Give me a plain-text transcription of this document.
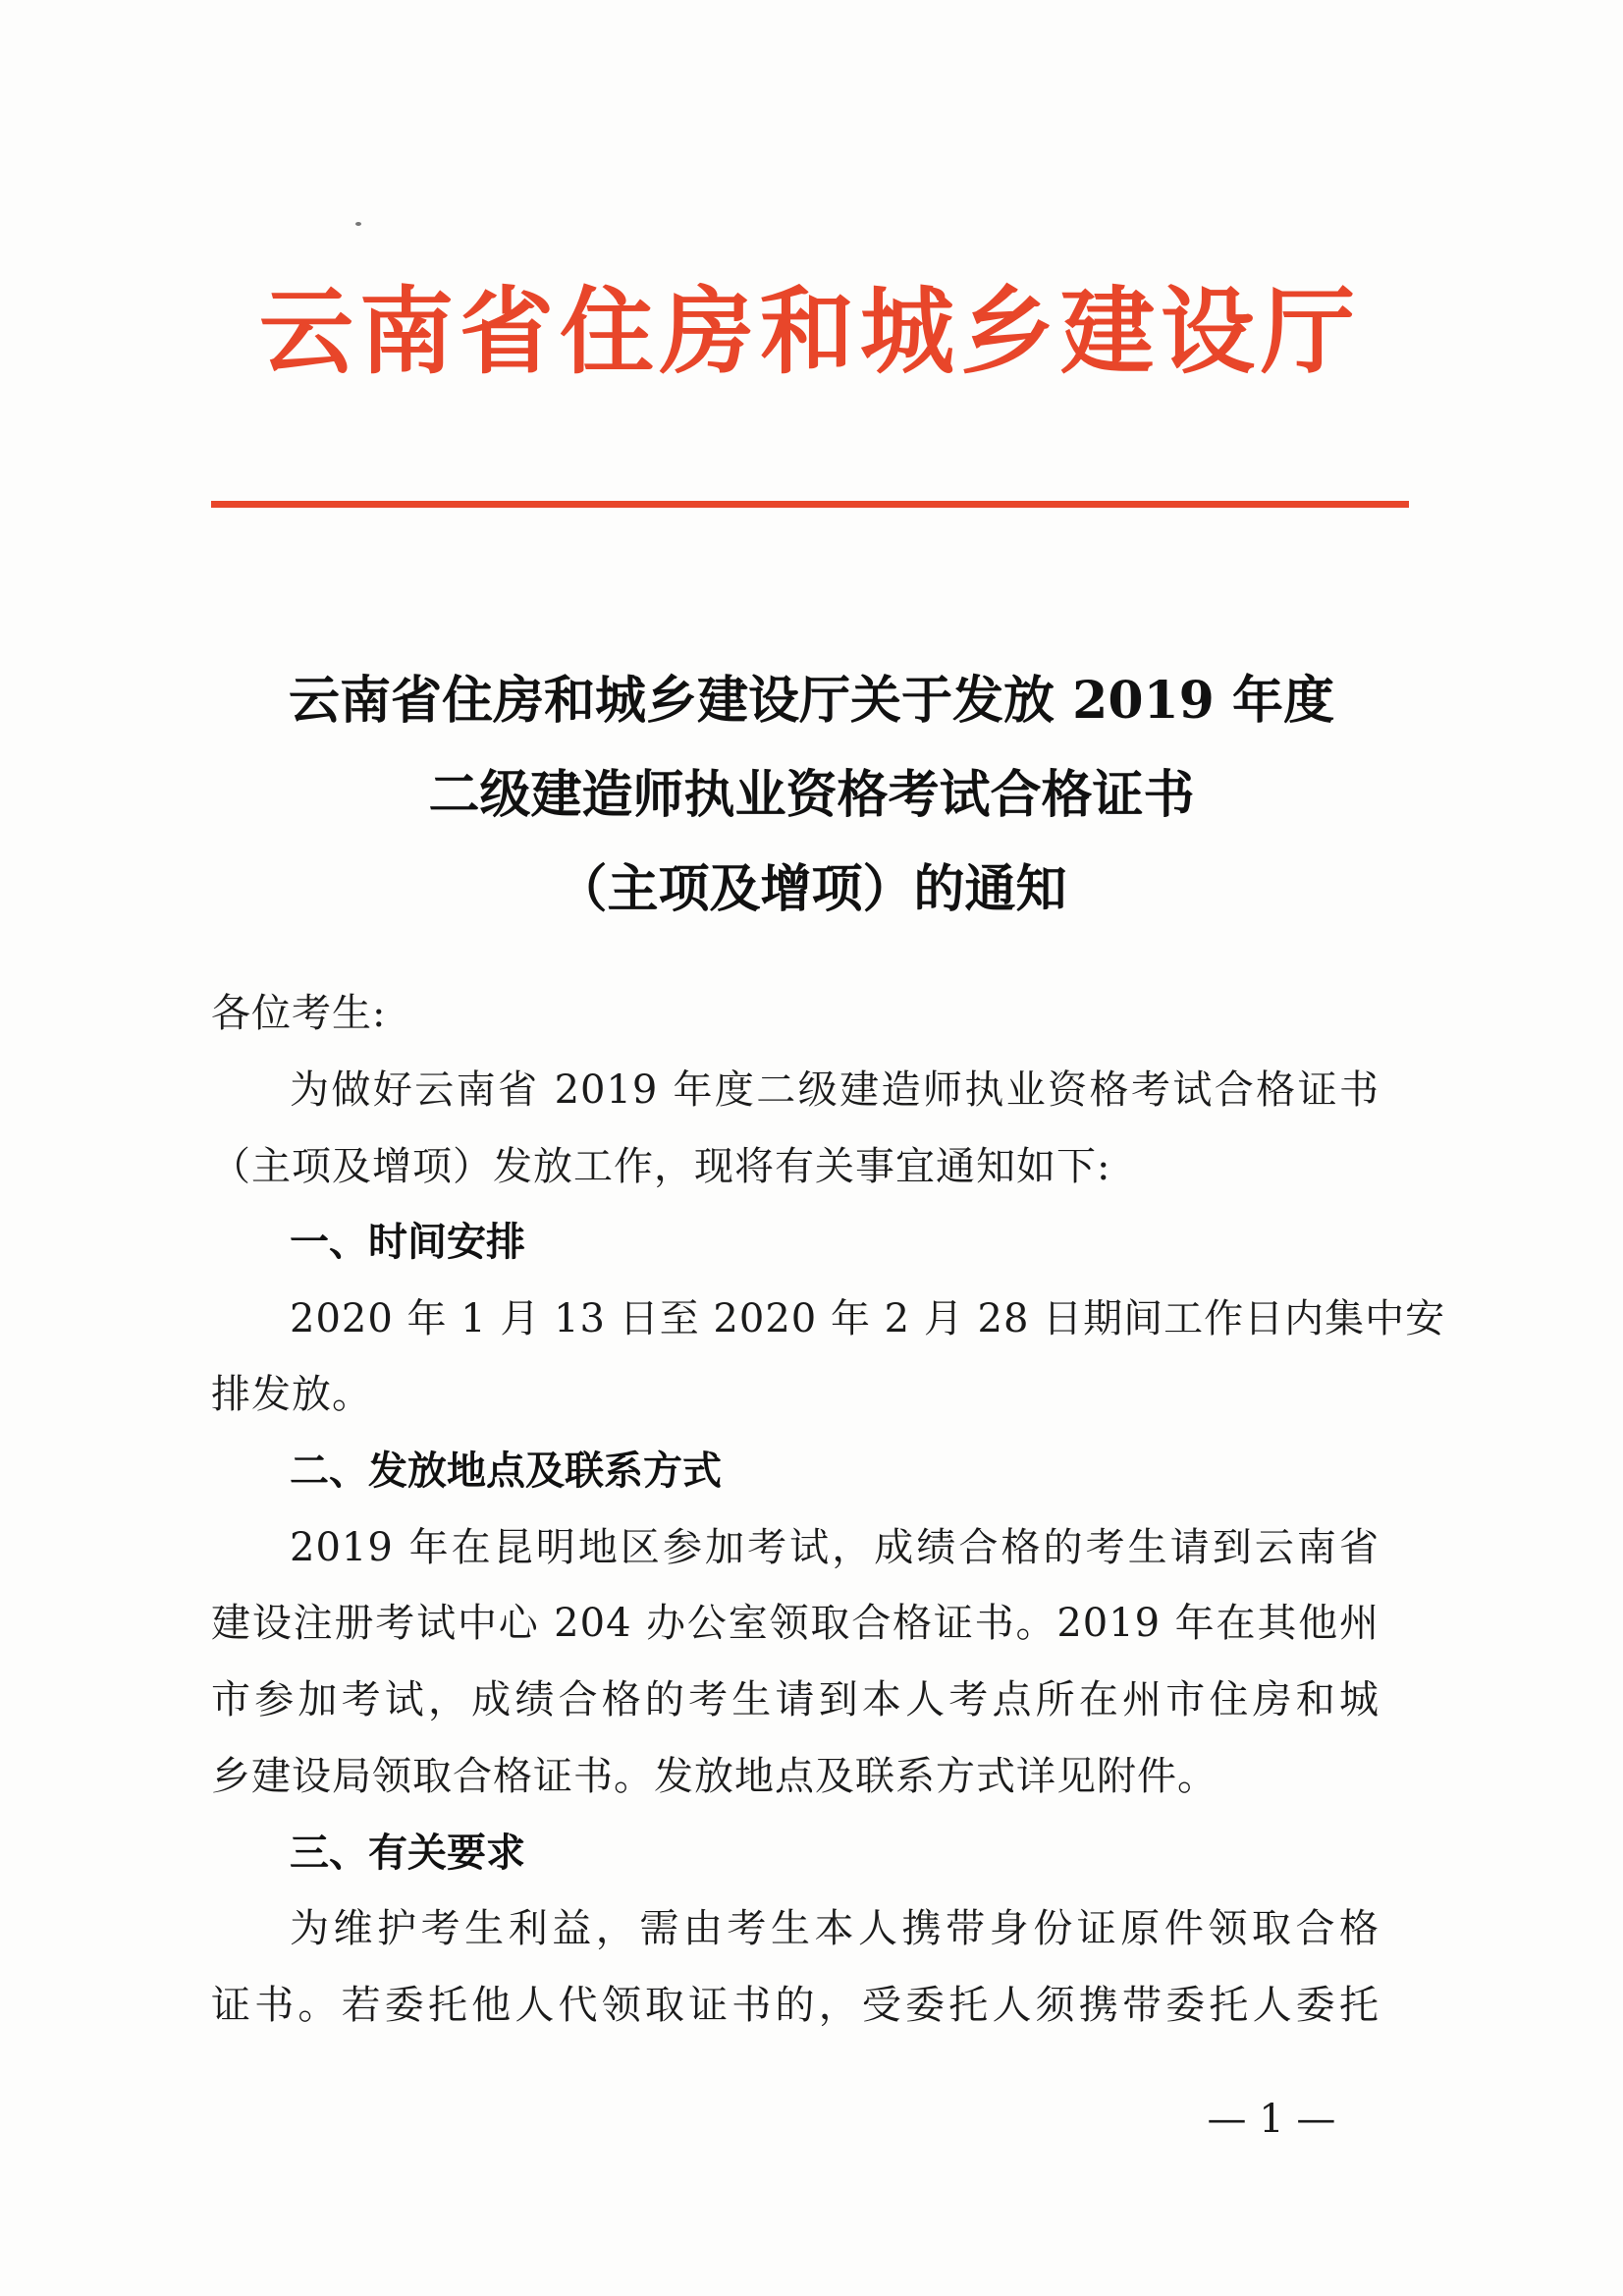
云南省住房和城乡建设厅
云南省住房和城乡建设厅关于发放 2019 年度
二级建造师执业资格考试合格证书
（主项及增项）的通知
各位考生:
为做好云南省 2019 年度二级建造师执业资格考试合格证书
（主项及增项）发放工作，现将有关事宜通知如下:
一、时间安排
2020 年 1 月 13 日至 2020 年 2 月 28 日期间工作日内集中安
排发放。
二、发放地点及联系方式
2019 年在昆明地区参加考试，成绩合格的考生请到云南省
建设注册考试中心 204 办公室领取合格证书。2019 年在其他州
市参加考试，成绩合格的考生请到本人考点所在州市住房和城
乡建设局领取合格证书。发放地点及联系方式详见附件。
三、有关要求
为维护考生利益，需由考生本人携带身份证原件领取合格
证书。若委托他人代领取证书的，受委托人须携带委托人委托
— 1 —
